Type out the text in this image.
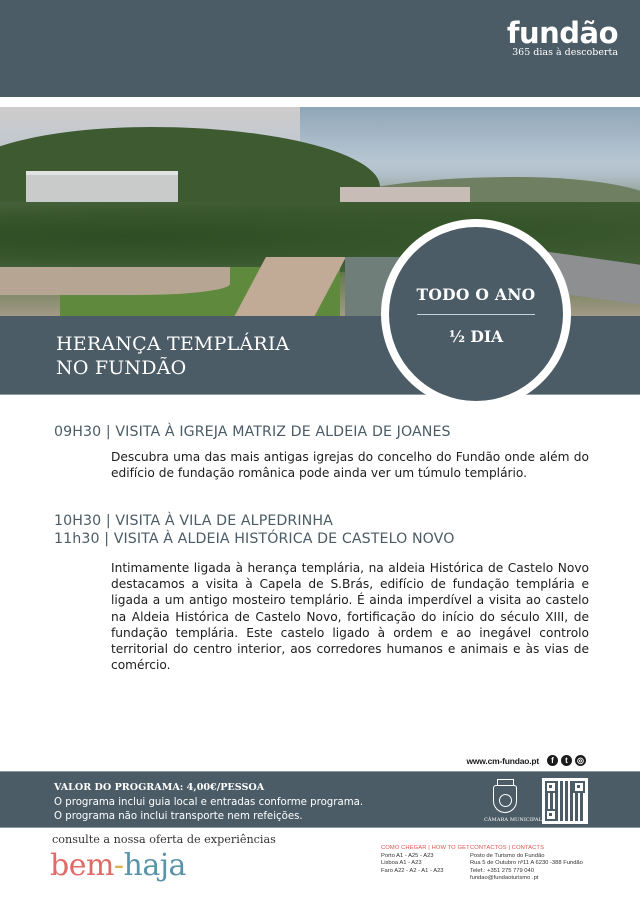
fundão
365 dias à descoberta
HERANÇA TEMPLÁRIA
NO FUNDÃO
TODO O ANO
½ DIA
09H30 | VISITA À IGREJA MATRIZ DE ALDEIA DE JOANES
Descubra uma das mais antigas igrejas do concelho do Fundão onde além do edifício de fundação românica pode ainda ver um túmulo templário.
10H30 | VISITA À VILA DE ALPEDRINHA
11h30 | VISITA À ALDEIA HISTÓRICA DE CASTELO NOVO
Intimamente ligada à herança templária, na aldeia Histórica de Castelo Novo destacamos a visita à Capela de S.Brás, edifício de fundação templária e ligada a um antigo mosteiro templário. É ainda imperdível a visita ao castelo na Aldeia Histórica de Castelo Novo, fortificação do início do século XIII, de fundação templária. Este castelo ligado à ordem e ao inegável controlo territorial do centro interior, aos corredores humanos e animais e às vias de comércio.
www.cm-fundao.pt	f	t	◎
VALOR DO PROGRAMA: 4,00€/PESSOA
O programa inclui guia local e entradas conforme programa.
O programa não inclui transporte nem refeições.	CÂMARA MUNICIPAL
consulte a nossa oferta de experiências
bem-haja	COMO CHEGAR | HOW TO GET
Porto A1 - A25 - A23
Lisboa A1 - A23
Faro A22 - A2 - A1 - A23
CONTACTOS | CONTACTS
Posto de Turismo do Fundão
Rua 5 de Outubro nº11 A 6230 -388 Fundão
Telef.: +351 275 779 040
fundao@fundaoturismo .pt
